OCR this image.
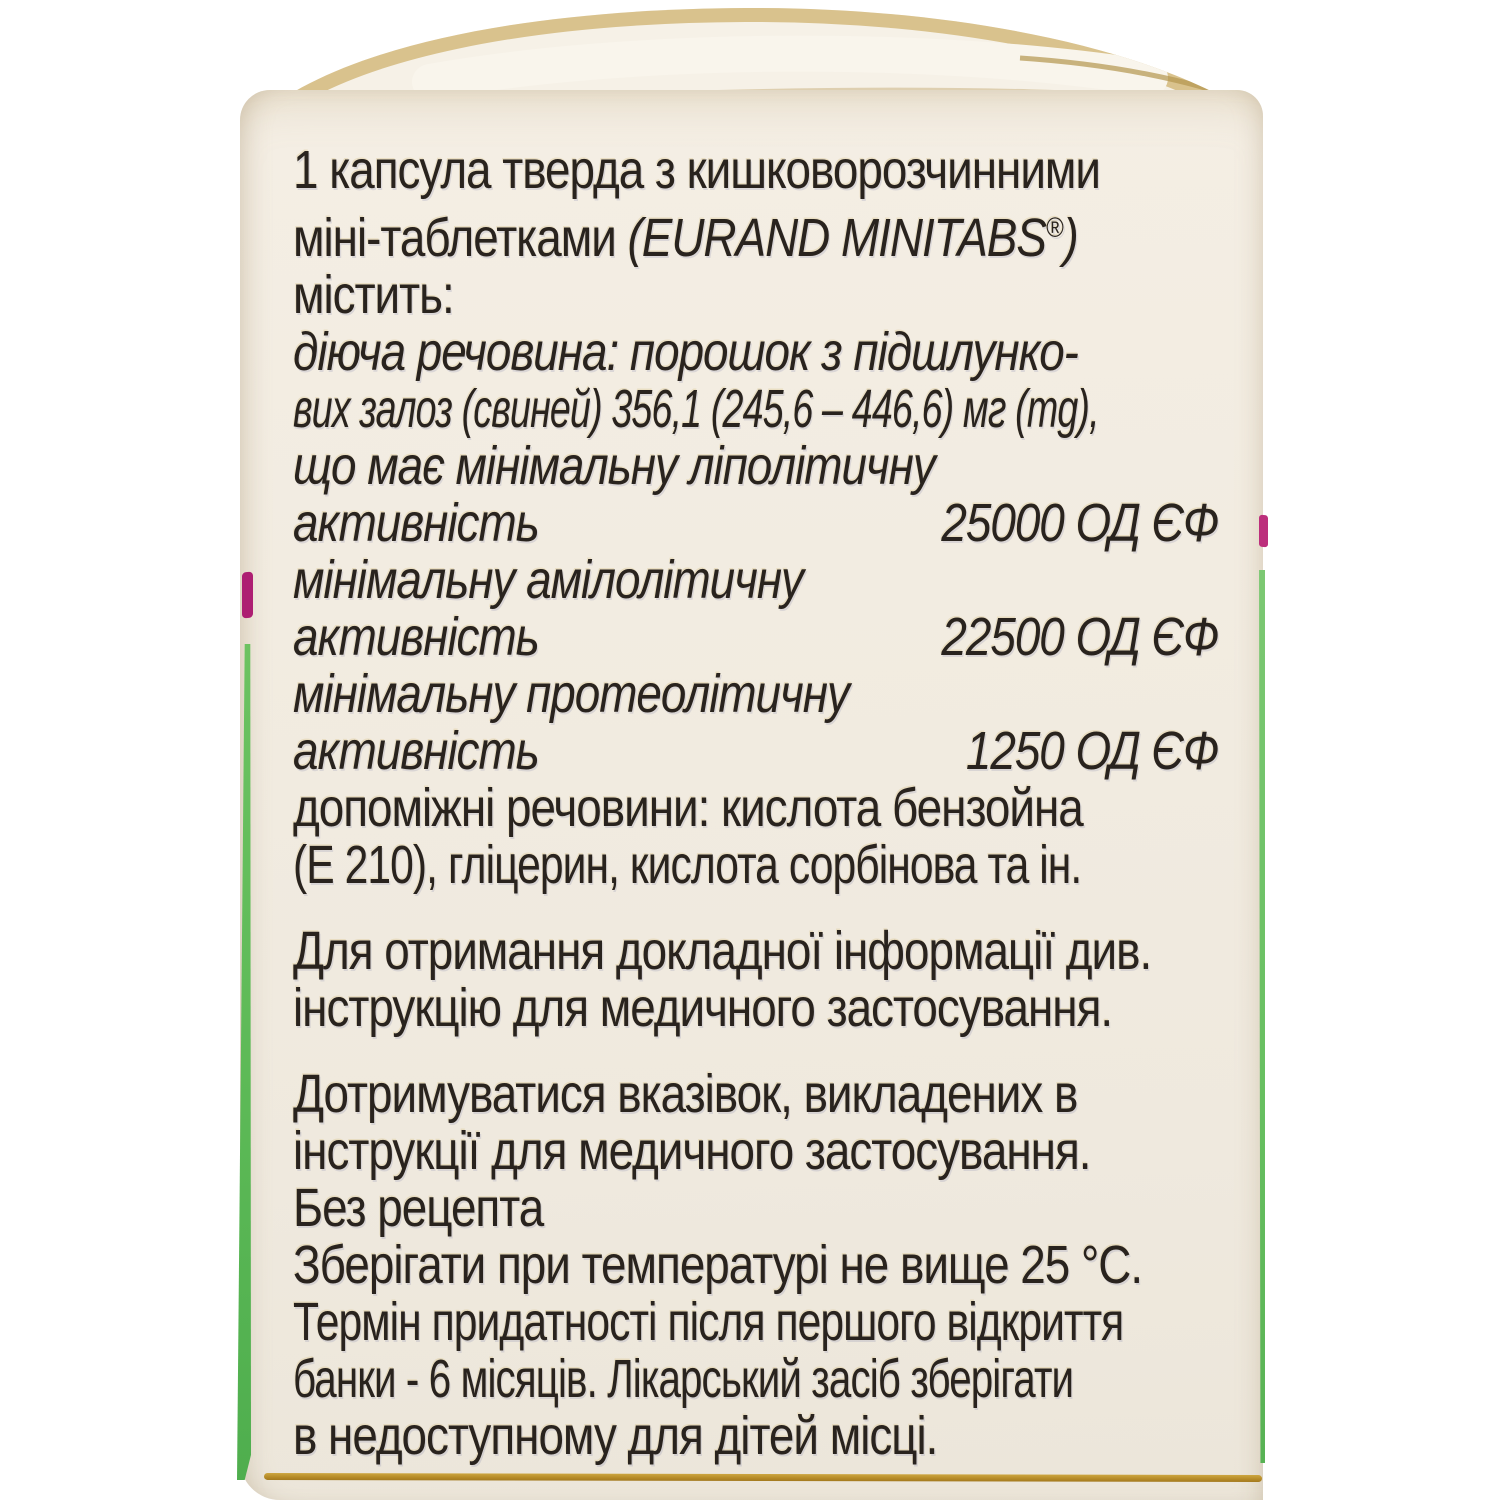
1 капсула тверда з кишковорозчинними
міні-таблетками (EURAND MINITABS®)
містить:
діюча речовина: порошок з підшлунко-
вих залоз (свиней) 356,1 (245,6 – 446,6) мг (mg),
що має мінімальну ліполітичну
активність	25000 ОД ЄФ
мінімальну амілолітичну
активність	22500 ОД ЄФ
мінімальну протеолітичну
активність	1250 ОД ЄФ
допоміжні речовини: кислота бензойна
(Е 210), гліцерин, кислота сорбінова та ін.
Для отримання докладної інформації див.
інструкцію для медичного застосування.
Дотримуватися вказівок, викладених в
інструкції для медичного застосування.
Без рецепта
Зберігати при температурі не вище 25 °С.
Термін придатності після першого відкриття
банки - 6 місяців. Лікарський засіб зберігати
в недоступному для дітей місці.
